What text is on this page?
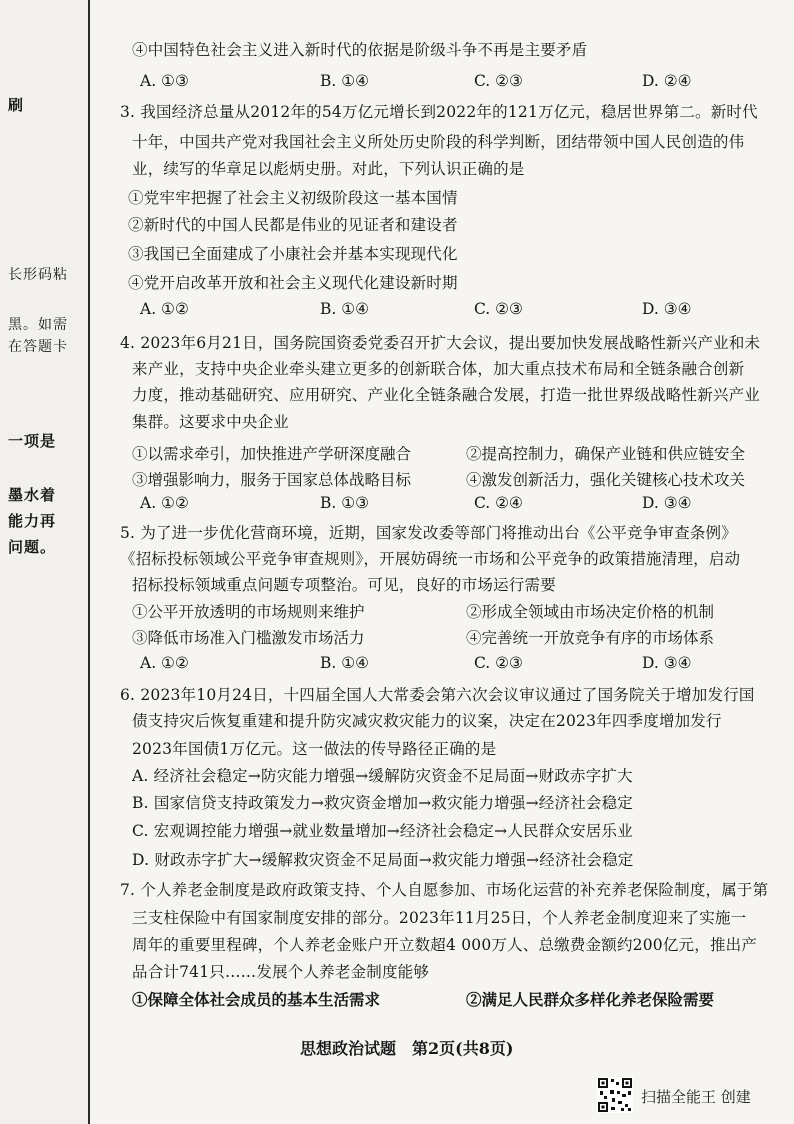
刷
长形码粘
黑。如需
在答题卡
一项是
墨水着
能力再
问题。
④中国特色社会主义进入新时代的依据是阶级斗争不再是主要矛盾
A. ①③	B. ①④	C. ②③	D. ②④
3. 我国经济总量从2012年的54万亿元增长到2022年的121万亿元，稳居世界第二。新时代
十年，中国共产党对我国社会主义所处历史阶段的科学判断，团结带领中国人民创造的伟
业，续写的华章足以彪炳史册。对此，下列认识正确的是
①党牢牢把握了社会主义初级阶段这一基本国情
②新时代的中国人民都是伟业的见证者和建设者
③我国已全面建成了小康社会并基本实现现代化
④党开启改革开放和社会主义现代化建设新时期
A. ①②	B. ①④	C. ②③	D. ③④
4. 2023年6月21日，国务院国资委党委召开扩大会议，提出要加快发展战略性新兴产业和未
来产业，支持中央企业牵头建立更多的创新联合体，加大重点技术布局和全链条融合创新
力度，推动基础研究、应用研究、产业化全链条融合发展，打造一批世界级战略性新兴产业
集群。这要求中央企业
①以需求牵引，加快推进产学研深度融合	②提高控制力，确保产业链和供应链安全
③增强影响力，服务于国家总体战略目标	④激发创新活力，强化关键核心技术攻关
A. ①②	B. ①③	C. ②④	D. ③④
5. 为了进一步优化营商环境，近期，国家发改委等部门将推动出台《公平竞争审查条例》
《招标投标领域公平竞争审查规则》，开展妨碍统一市场和公平竞争的政策措施清理，启动
招标投标领域重点问题专项整治。可见，良好的市场运行需要
①公平开放透明的市场规则来维护	②形成全领域由市场决定价格的机制
③降低市场准入门槛激发市场活力	④完善统一开放竞争有序的市场体系
A. ①②	B. ①④	C. ②③	D. ③④
6. 2023年10月24日，十四届全国人大常委会第六次会议审议通过了国务院关于增加发行国
债支持灾后恢复重建和提升防灾减灾救灾能力的议案，决定在2023年四季度增加发行
2023年国债1万亿元。这一做法的传导路径正确的是
A. 经济社会稳定→防灾能力增强→缓解防灾资金不足局面→财政赤字扩大
B. 国家信贷支持政策发力→救灾资金增加→救灾能力增强→经济社会稳定
C. 宏观调控能力增强→就业数量增加→经济社会稳定→人民群众安居乐业
D. 财政赤字扩大→缓解救灾资金不足局面→救灾能力增强→经济社会稳定
7. 个人养老金制度是政府政策支持、个人自愿参加、市场化运营的补充养老保险制度，属于第
三支柱保险中有国家制度安排的部分。2023年11月25日，个人养老金制度迎来了实施一
周年的重要里程碑，个人养老金账户开立数超4 000万人、总缴费金额约200亿元，推出产
品合计741只……发展个人养老金制度能够
①保障全体社会成员的基本生活需求	②满足人民群众多样化养老保险需要
思想政治试题　第2页(共8页)
扫描全能王 创建
